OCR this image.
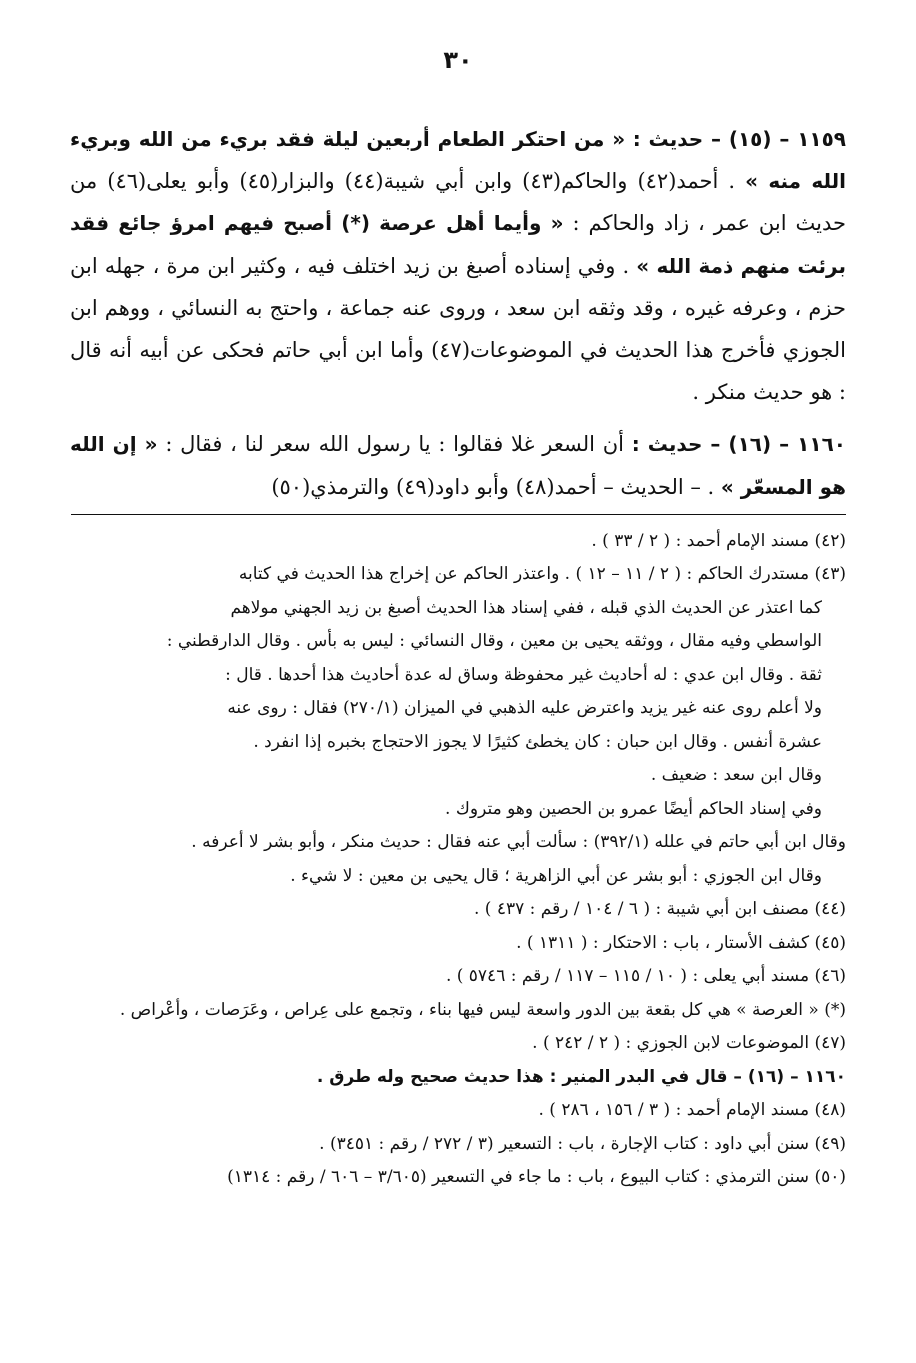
٣٠

١١٥٩ – (١٥) – حديث : « من احتكر الطعام أربعين ليلة فقد بريء من الله وبريء الله منه » . أحمد(٤٢) والحاكم(٤٣) وابن أبي شيبة(٤٤) والبزار(٤٥) وأبو يعلى(٤٦) من حديث ابن عمر ، زاد والحاكم : « وأيما أهل عرصة (*) أصبح فيهم امرؤ جائع فقد برئت منهم ذمة الله » . وفي إسناده أصبغ بن زيد اختلف فيه ، وكثير ابن مرة ، جهله ابن حزم ، وعرفه غيره ، وقد وثقه ابن سعد ، وروى عنه جماعة ، واحتج به النسائي ، ووهم ابن الجوزي فأخرج هذا الحديث في الموضوعات(٤٧) وأما ابن أبي حاتم فحكى عن أبيه أنه قال : هو حديث منكر .

١١٦٠ – (١٦) – حديث : أن السعر غلا فقالوا : يا رسول الله سعر لنا ، فقال : « إن الله هو المسعّر » . – الحديث – أحمد(٤٨) وأبو داود(٤٩) والترمذي(٥٠)

(٤٢) مسند الإمام أحمد : ( ٢ / ٣٣ ) .

(٤٣) مستدرك الحاكم : ( ٢ / ١١ – ١٢ ) . واعتذر الحاكم عن إخراج هذا الحديث في كتابه
كما اعتذر عن الحديث الذي قبله ، ففي إسناد هذا الحديث أصبغ بن زيد الجهني مولاهم
الواسطي وفيه مقال ، ووثقه يحيى بن معين ، وقال النسائي : ليس به بأس . وقال الدارقطني :
ثقة . وقال ابن عدي : له أحاديث غير محفوظة وساق له عدة أحاديث هذا أحدها . قال :
ولا أعلم روى عنه غير يزيد واعترض عليه الذهبي في الميزان (٢٧٠/١) فقال : روى عنه
عشرة أنفس . وقال ابن حبان : كان يخطئ كثيرًا لا يجوز الاحتجاج بخبره إذا انفرد .
وقال ابن سعد : ضعيف .
وفي إسناد الحاكم أيضًا عمرو بن الحصين وهو متروك .
وقال ابن أبي حاتم في علله (٣٩٢/١) : سألت أبي عنه فقال : حديث منكر ، وأبو بشر لا أعرفه .
وقال ابن الجوزي : أبو بشر عن أبي الزاهرية ؛ قال يحيى بن معين : لا شيء .

(٤٤) مصنف ابن أبي شيبة : ( ٦ / ١٠٤ / رقم : ٤٣٧ ) .

(٤٥) كشف الأستار ، باب : الاحتكار : ( ١٣١١ ) .

(٤٦) مسند أبي يعلى : ( ١٠ / ١١٥ – ١١٧ / رقم : ٥٧٤٦ ) .

(*) « العرصة » هي كل بقعة بين الدور واسعة ليس فيها بناء ، وتجمع على عِراص ، وعَرَصات ، وأعْراص .

(٤٧) الموضوعات لابن الجوزي : ( ٢ / ٢٤٢ ) .

١١٦٠ – (١٦) – قال في البدر المنير : هذا حديث صحيح وله طرق .

(٤٨) مسند الإمام أحمد : ( ٣ / ١٥٦ ، ٢٨٦ ) .

(٤٩) سنن أبي داود : كتاب الإجارة ، باب : التسعير (٣ / ٢٧٢ / رقم : ٣٤٥١) .

(٥٠) سنن الترمذي : كتاب البيوع ، باب : ما جاء في التسعير (٣/٦٠٥ – ٦٠٦ / رقم : ١٣١٤)
